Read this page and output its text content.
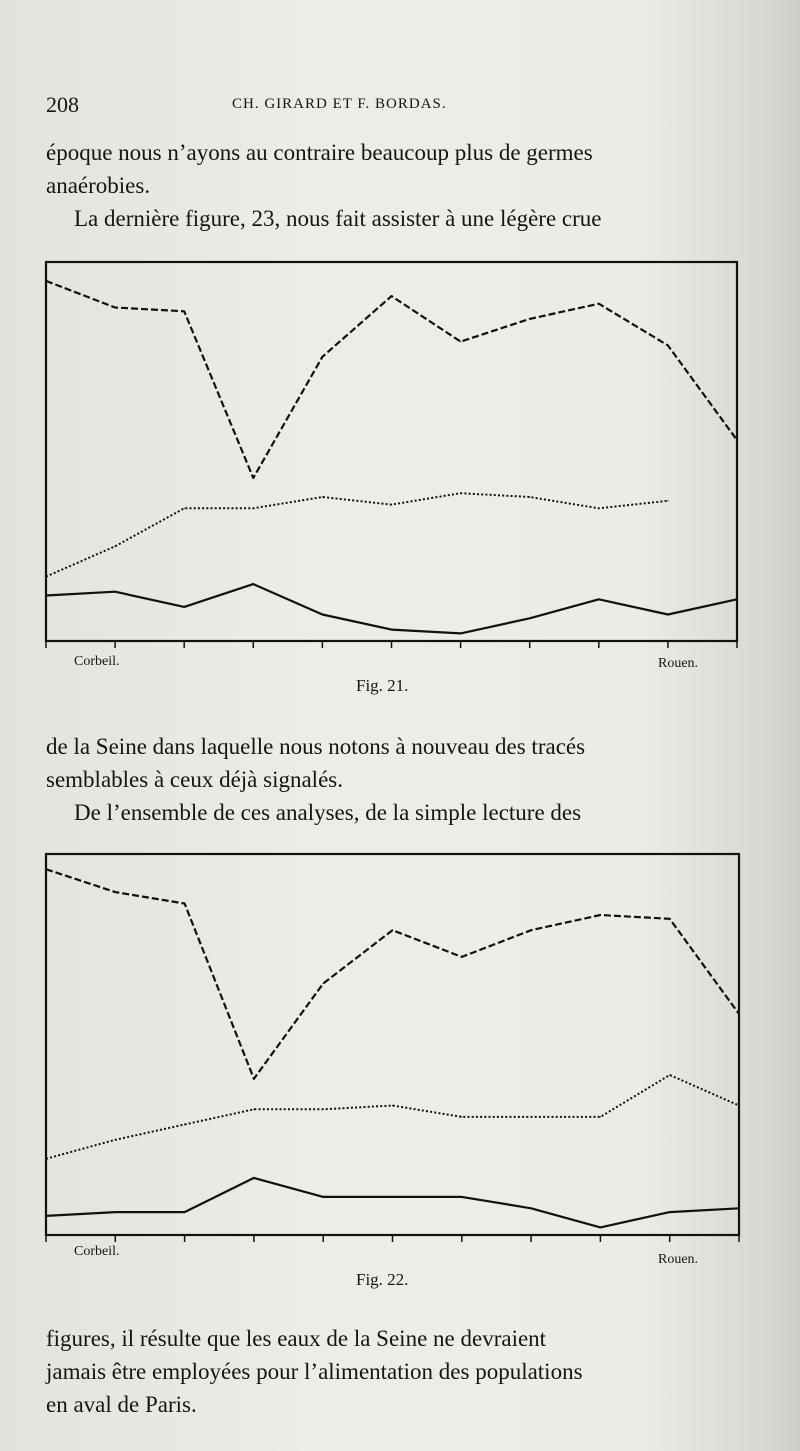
208	CH. GIRARD ET F. BORDAS.
époque nous n’ayons au contraire beaucoup plus de germes
anaérobies.
La dernière figure, 23, nous fait assister à une légère crue
Corbeil.	Rouen.
Fig. 21.
de la Seine dans laquelle nous notons à nouveau des tracés
semblables à ceux déjà signalés.
De l’ensemble de ces analyses, de la simple lecture des
Corbeil.
Rouen.
Fig. 22.
figures, il résulte que les eaux de la Seine ne devraient
jamais être employées pour l’alimentation des populations
en aval de Paris.
